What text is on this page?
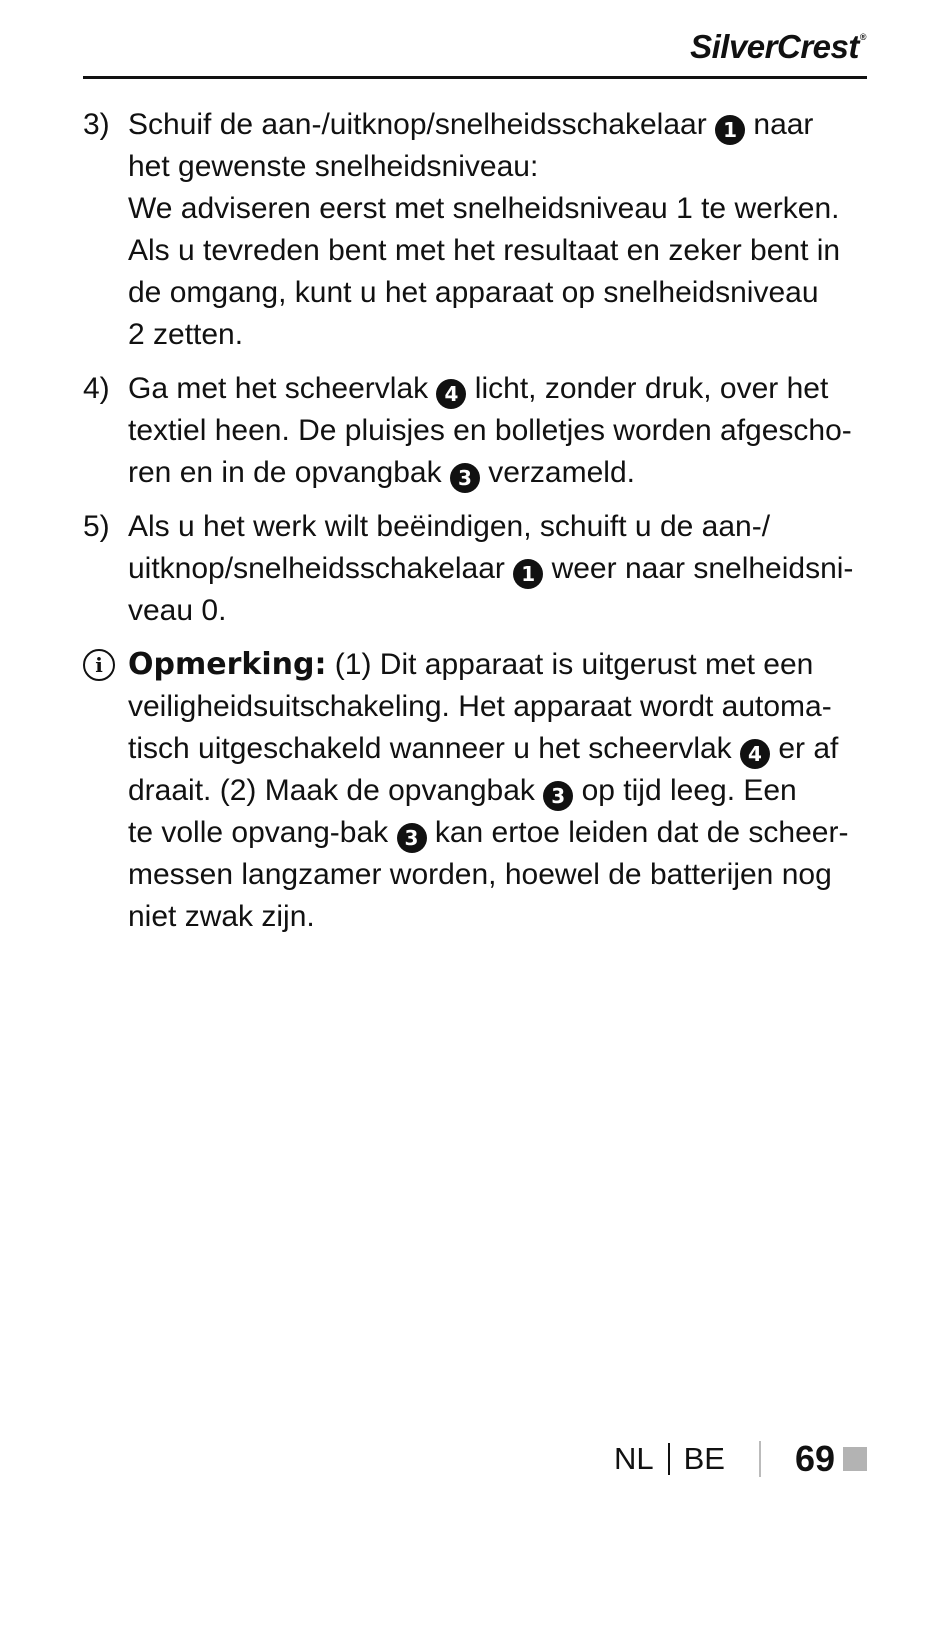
SilverCrest®
3) Schuif de aan-/uitknop/snelheidsschakelaar 1 naar
het gewenste snelheidsniveau:
We adviseren eerst met snelheidsniveau 1 te werken.
Als u tevreden bent met het resultaat en zeker bent in
de omgang, kunt u het apparaat op snelheidsniveau
2 zetten.
4) Ga met het scheervlak 4 licht, zonder druk, over het
textiel heen. De pluisjes en bolletjes worden afgescho-
ren en in de opvangbak 3 verzameld.
5) Als u het werk wilt beëindigen, schuift u de aan-/
uitknop/snelheidsschakelaar 1 weer naar snelheidsni-
veau 0.
i Opmerking: (1) Dit apparaat is uitgerust met een
veiligheidsuitschakeling. Het apparaat wordt automa-
tisch uitgeschakeld wanneer u het scheervlak 4 er af
draait. (2) Maak de opvangbak 3 op tijd leeg. Een
te volle opvang-bak 3 kan ertoe leiden dat de scheer-
messen langzamer worden, hoewel de batterijen nog
niet zwak zijn.
NL BE 69
